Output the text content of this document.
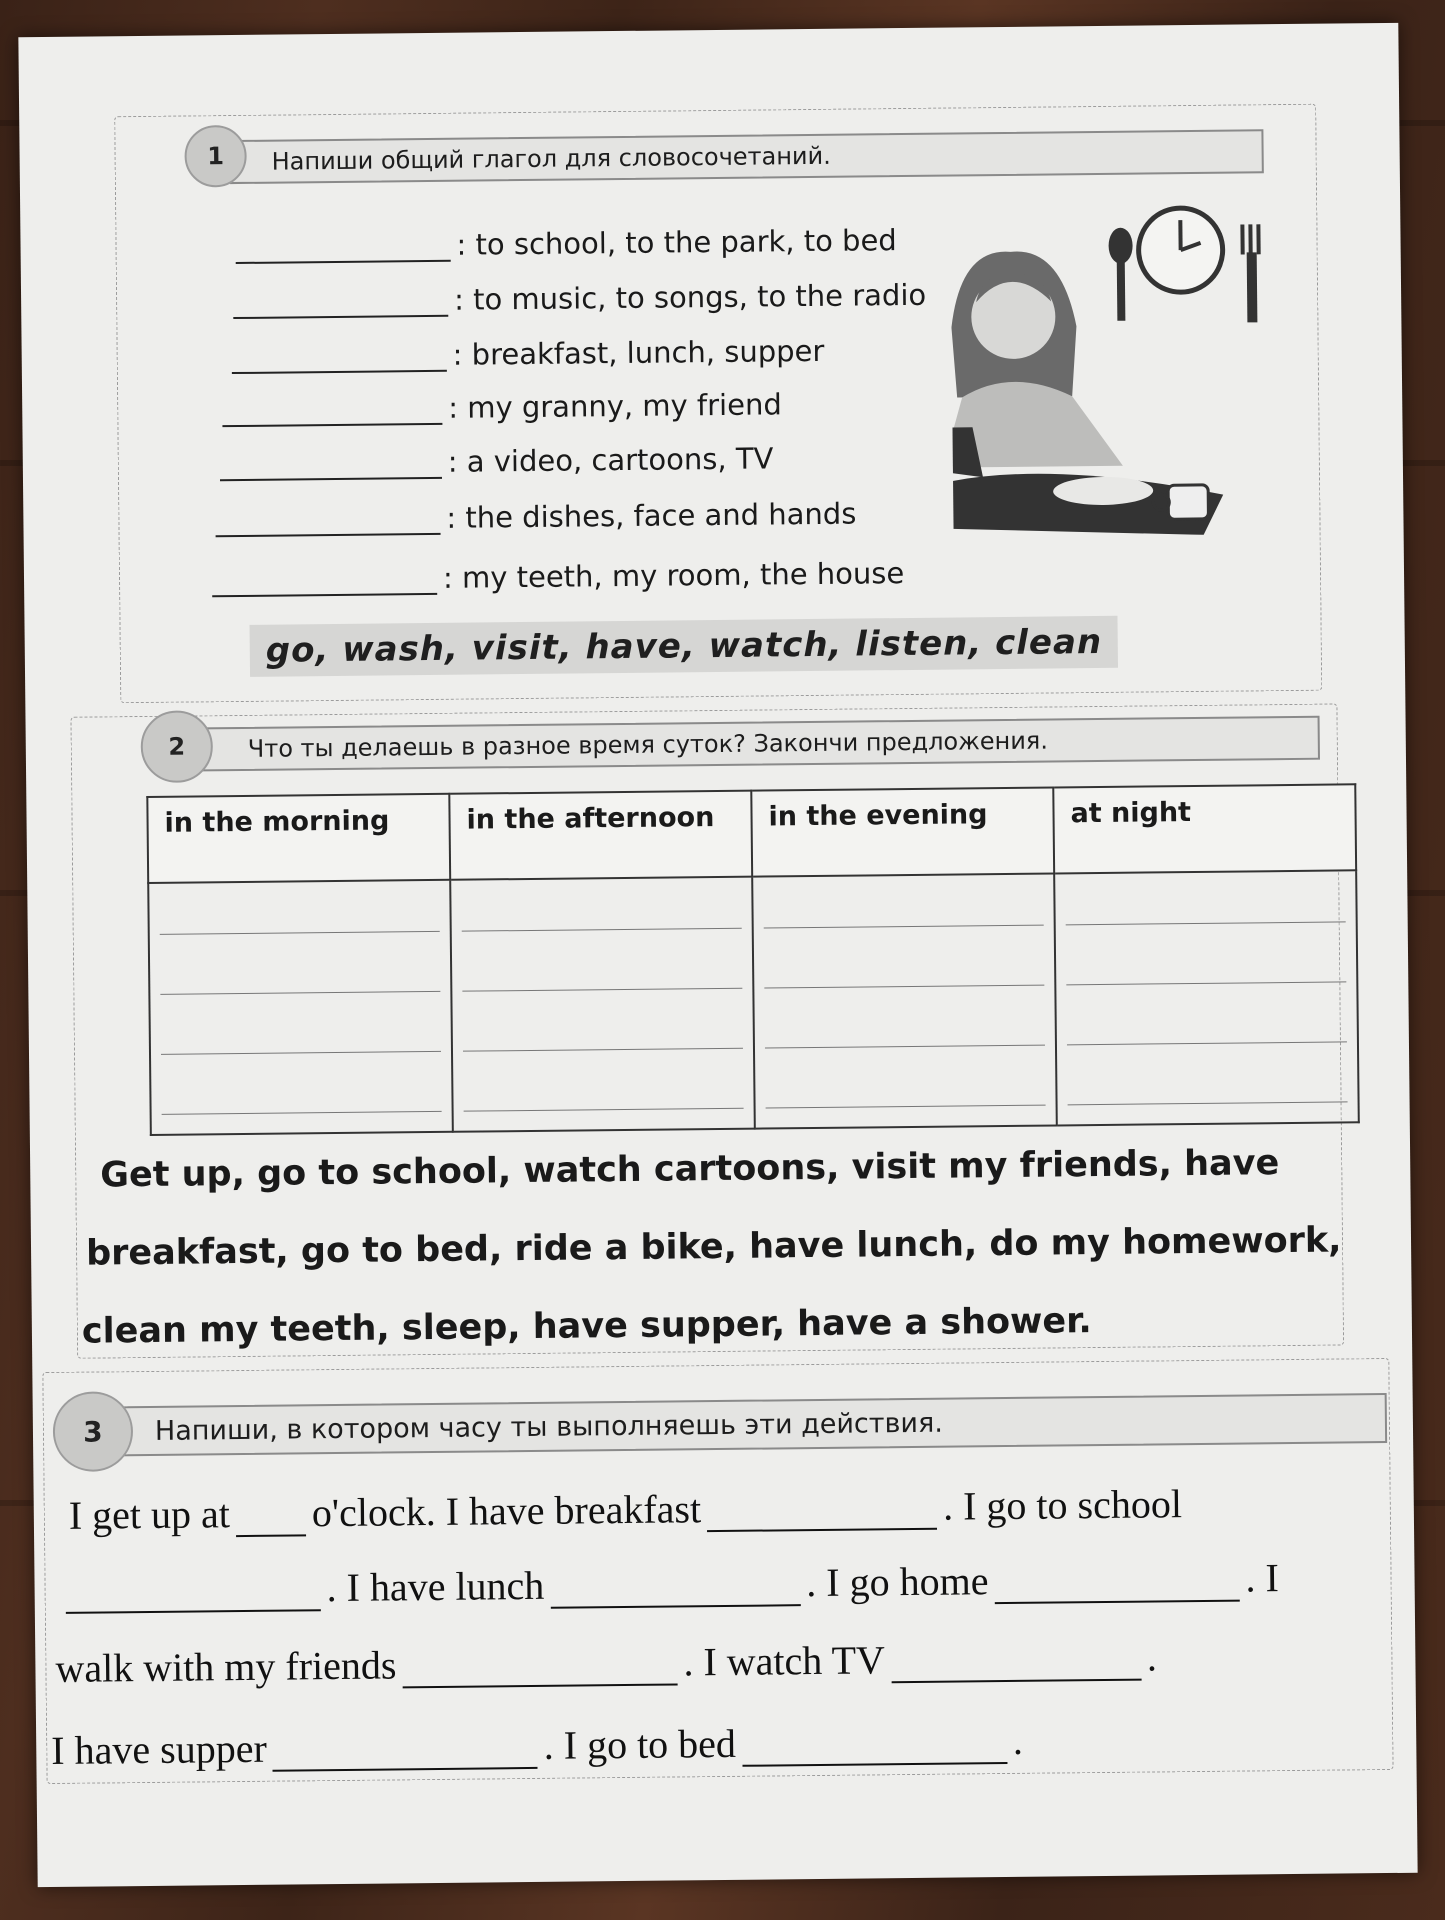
Напиши общий глагол для словосочетаний.
1
: to school, to the park, to bed
: to music, to songs, to the radio
: breakfast, lunch, supper
: my granny, my friend
: a video, cartoons, TV
: the dishes, face and hands
: my teeth, my room, the house
go, wash, visit, have, watch, listen, clean
Что ты делаешь в разное время суток? Закончи предложения.
2
in the morning	in the afternoon	in the evening	at night

Get up, go to school, watch cartoons, visit my friends, have
breakfast, go to bed, ride a bike, have lunch, do my homework,
clean my teeth, sleep, have supper, have a shower.
Напиши, в котором часу ты выполняешь эти действия.
3
I get up at o'clock. I have breakfast	. I go to school
. I have lunch	. I go home	. I
walk with my friends	. I watch TV	.
I have supper	. I go to bed	.
